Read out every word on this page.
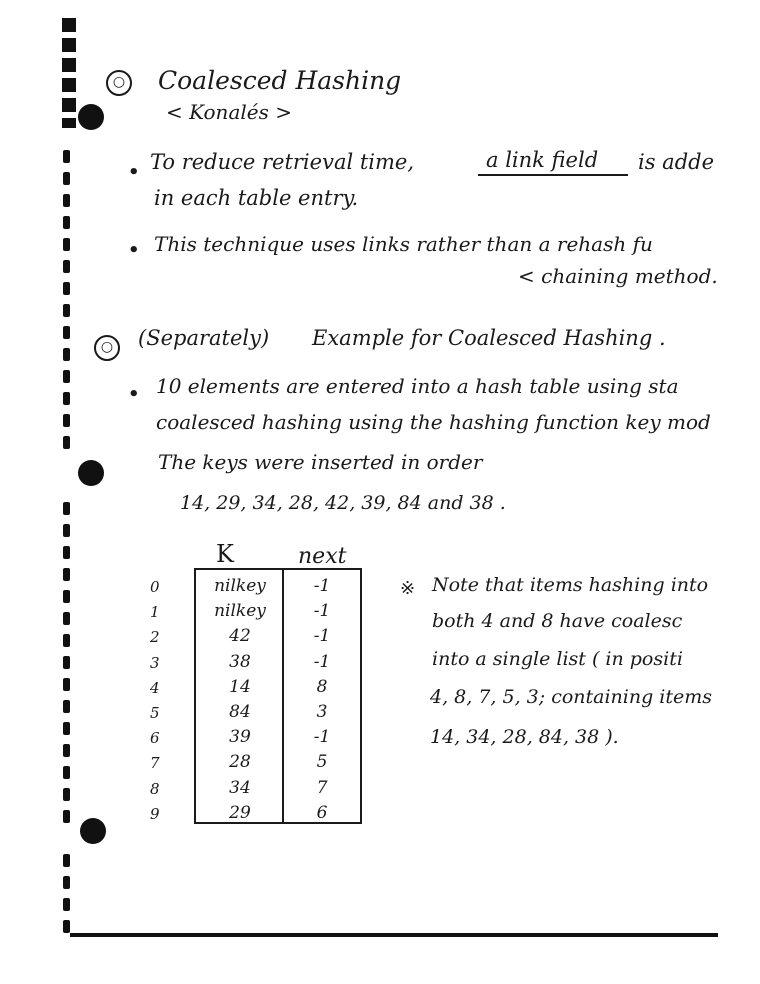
○ Coalesced Hashing
< Konalés >
• To reduce retrieval time,	a link field is adde
in each table entry.
• This technique uses links rather than a rehash fu
< chaining method.
○	(Separately) Example for Coalesced Hashing .
• 10 elements are entered into a hash table using sta
coalesced hashing using the hashing function key mod
The keys were inserted in order
14, 29, 34, 28, 42, 39, 84 and 38 .
K	next
0	nilkey	-1
1	nilkey	-1
2	42	-1
3	38	-1
4	14	8
5	84	3
6	39	-1
7	28	5
8	34	7
9	29	6
※ Note that items hashing into
both 4 and 8 have coalesc
into a single list ( in positi
4, 8, 7, 5, 3; containing items
14, 34, 28, 84, 38 ).
